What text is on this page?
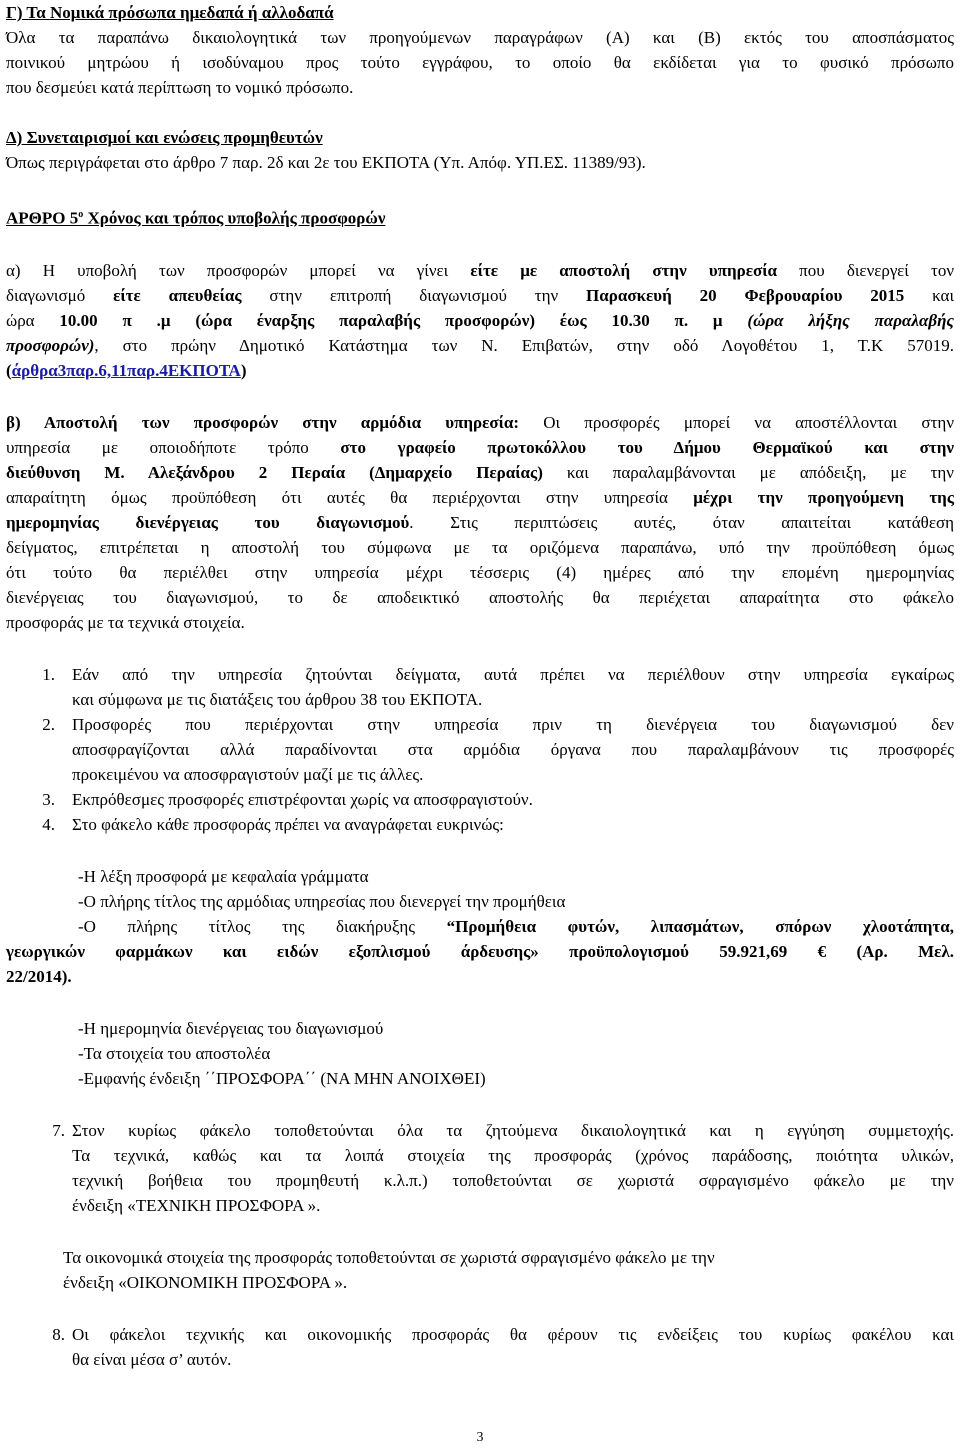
Γ) Τα Νομικά πρόσωπα ημεδαπά ή αλλοδαπά
Όλα τα παραπάνω δικαιολογητικά των προηγούμενων παραγράφων (Α) και (Β) εκτός του αποσπάσματος
ποινικού μητρώου ή ισοδύναμου προς τούτο εγγράφου, το οποίο θα εκδίδεται για το φυσικό πρόσωπο
που δεσμεύει κατά περίπτωση το νομικό πρόσωπο.
Δ) Συνεταιρισμοί και ενώσεις προμηθευτών
Όπως περιγράφεται στο άρθρο 7 παρ. 2δ και 2ε του ΕΚΠΟΤΑ (Υπ. Απόφ. ΥΠ.ΕΣ. 11389/93).
ΑΡΘΡΟ $5^o$ Χρόνος και τρόπος υποβολής προσφορών
α) Η υποβολή των προσφορών μπορεί να γίνει είτε με αποστολή στην υπηρεσία που διενεργεί τον
διαγωνισμό είτε απευθείας στην επιτροπή διαγωνισμού την Παρασκευή 20 Φεβρουαρίου 2015 και
ώρα 10.00 π .μ (ώρα έναρξης παραλαβής προσφορών) έως 10.30 π. μ (ώρα λήξης παραλαβής
προσφορών), στο πρώην Δημοτικό Κατάστημα των Ν. Επιβατών, στην οδό Λογοθέτου 1, Τ.Κ 57019.
(άρθρα3παρ.6,11παρ.4ΕΚΠΟΤΑ)
β) Αποστολή των προσφορών στην αρμόδια υπηρεσία: Οι προσφορές μπορεί να αποστέλλονται στην
υπηρεσία με οποιοδήποτε τρόπο στο γραφείο πρωτοκόλλου του Δήμου Θερμαϊκού και στην
διεύθυνση Μ. Αλεξάνδρου 2 Περαία (Δημαρχείο Περαίας) και παραλαμβάνονται με απόδειξη, με την
απαραίτητη όμως προϋπόθεση ότι αυτές θα περιέρχονται στην υπηρεσία μέχρι την προηγούμενη της
ημερομηνίας διενέργειας του διαγωνισμού. Στις περιπτώσεις αυτές, όταν απαιτείται κατάθεση
δείγματος, επιτρέπεται η αποστολή του σύμφωνα με τα οριζόμενα παραπάνω, υπό την προϋπόθεση όμως
ότι τούτο θα περιέλθει στην υπηρεσία μέχρι τέσσερις (4) ημέρες από την επομένη ημερομηνίας
διενέργειας του διαγωνισμού, το δε αποδεικτικό αποστολής θα περιέχεται απαραίτητα στο φάκελο
προσφοράς με τα τεχνικά στοιχεία.
1. Εάν από την υπηρεσία ζητούνται δείγματα, αυτά πρέπει να περιέλθουν στην υπηρεσία εγκαίρως
και σύμφωνα με τις διατάξεις του άρθρου 38 του ΕΚΠΟΤΑ.
2. Προσφορές που περιέρχονται στην υπηρεσία πριν τη διενέργεια του διαγωνισμού δεν
αποσφραγίζονται αλλά παραδίνονται στα αρμόδια όργανα που παραλαμβάνουν τις προσφορές
προκειμένου να αποσφραγιστούν μαζί με τις άλλες.
3. Εκπρόθεσμες προσφορές επιστρέφονται χωρίς να αποσφραγιστούν.
4. Στο φάκελο κάθε προσφοράς πρέπει να αναγράφεται ευκρινώς:
-Η λέξη προσφορά με κεφαλαία γράμματα
-Ο πλήρης τίτλος της αρμόδιας υπηρεσίας που διενεργεί την προμήθεια
-Ο πλήρης τίτλος της διακήρυξης “Προμήθεια φυτών, λιπασμάτων, σπόρων χλοοτάπητα,
γεωργικών φαρμάκων και ειδών εξοπλισμού άρδευσης» προϋπολογισμού 59.921,69 € (Αρ. Μελ.
22/2014).
-Η ημερομηνία διενέργειας του διαγωνισμού
-Τα στοιχεία του αποστολέα
-Εμφανής ένδειξη ΄΄ΠΡΟΣΦΟΡΑ΄΄ (ΝΑ ΜΗΝ ΑΝΟΙΧΘΕΙ)
7. Στον κυρίως φάκελο τοποθετούνται όλα τα ζητούμενα δικαιολογητικά και η εγγύηση συμμετοχής.
Τα τεχνικά, καθώς και τα λοιπά στοιχεία της προσφοράς (χρόνος παράδοσης, ποιότητα υλικών,
τεχνική βοήθεια του προμηθευτή κ.λ.π.) τοποθετούνται σε χωριστά σφραγισμένο φάκελο με την
ένδειξη «ΤΕΧΝΙΚΗ ΠΡΟΣΦΟΡΑ ».
Τα οικονομικά στοιχεία της προσφοράς τοποθετούνται σε χωριστά σφραγισμένο φάκελο με την
ένδειξη «ΟΙΚΟΝΟΜΙΚΗ ΠΡΟΣΦΟΡΑ ».
8. Οι φάκελοι τεχνικής και οικονομικής προσφοράς θα φέρουν τις ενδείξεις του κυρίως φακέλου και
θα είναι μέσα σ’ αυτόν.
3
